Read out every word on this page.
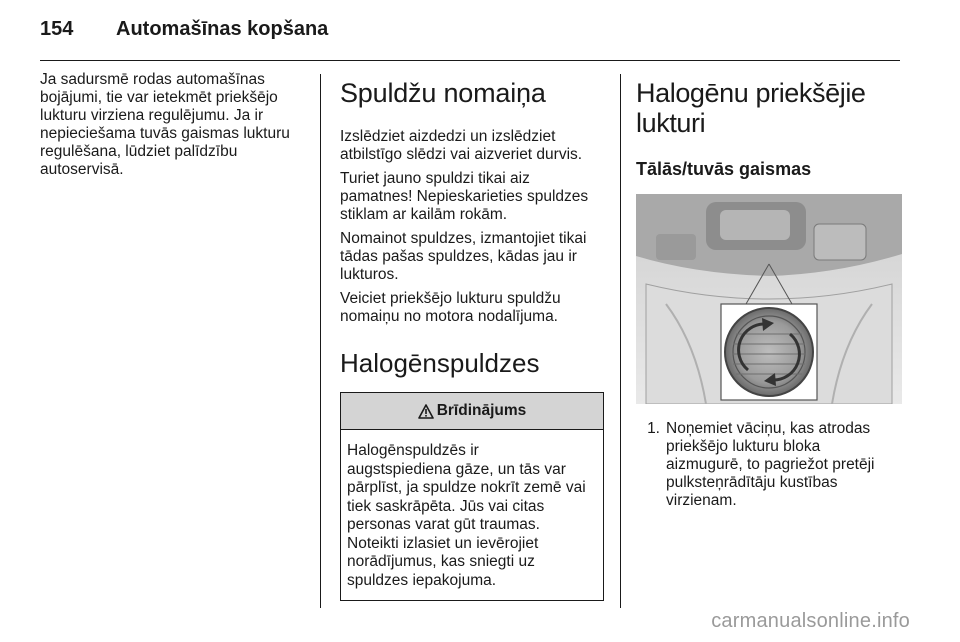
154	Automašīnas kopšana

Ja sadursmē rodas automašīnas
bojājumi, tie var ietekmēt priekšējo
lukturu virziena regulējumu. Ja ir
nepieciešama tuvās gaismas lukturu
regulēšana, lūdziet palīdzību
autoservisā.

Spuldžu nomaiņa

Izslēdziet aizdedzi un izslēdziet
atbilstīgo slēdzi vai aizveriet durvis.

Turiet jauno spuldzi tikai aiz
pamatnes! Nepieskarieties spuldzes
stiklam ar kailām rokām.

Nomainot spuldzes, izmantojiet tikai
tādas pašas spuldzes, kādas jau ir
lukturos.

Veiciet priekšējo lukturu spuldžu
nomaiņu no motora nodalījuma.

Halogēnspuldzes
Brīdinājums

Halogēnspuldzēs ir
augstspiediena gāze, un tās var
pārplīst, ja spuldze nokrīt zemē vai
tiek saskrāpēta. Jūs vai citas
personas varat gūt traumas.
Noteikti izlasiet un ievērojiet
norādījumus, kas sniegti uz
spuldzes iepakojuma.

Halogēnu priekšējie lukturi
Tālās/tuvās gaismas
1. Noņemiet vāciņu, kas atrodas
priekšējo lukturu bloka
aizmugurē, to pagriežot pretēji
pulksteņrādītāju kustības
virzienam.
carmanualsonline.info
